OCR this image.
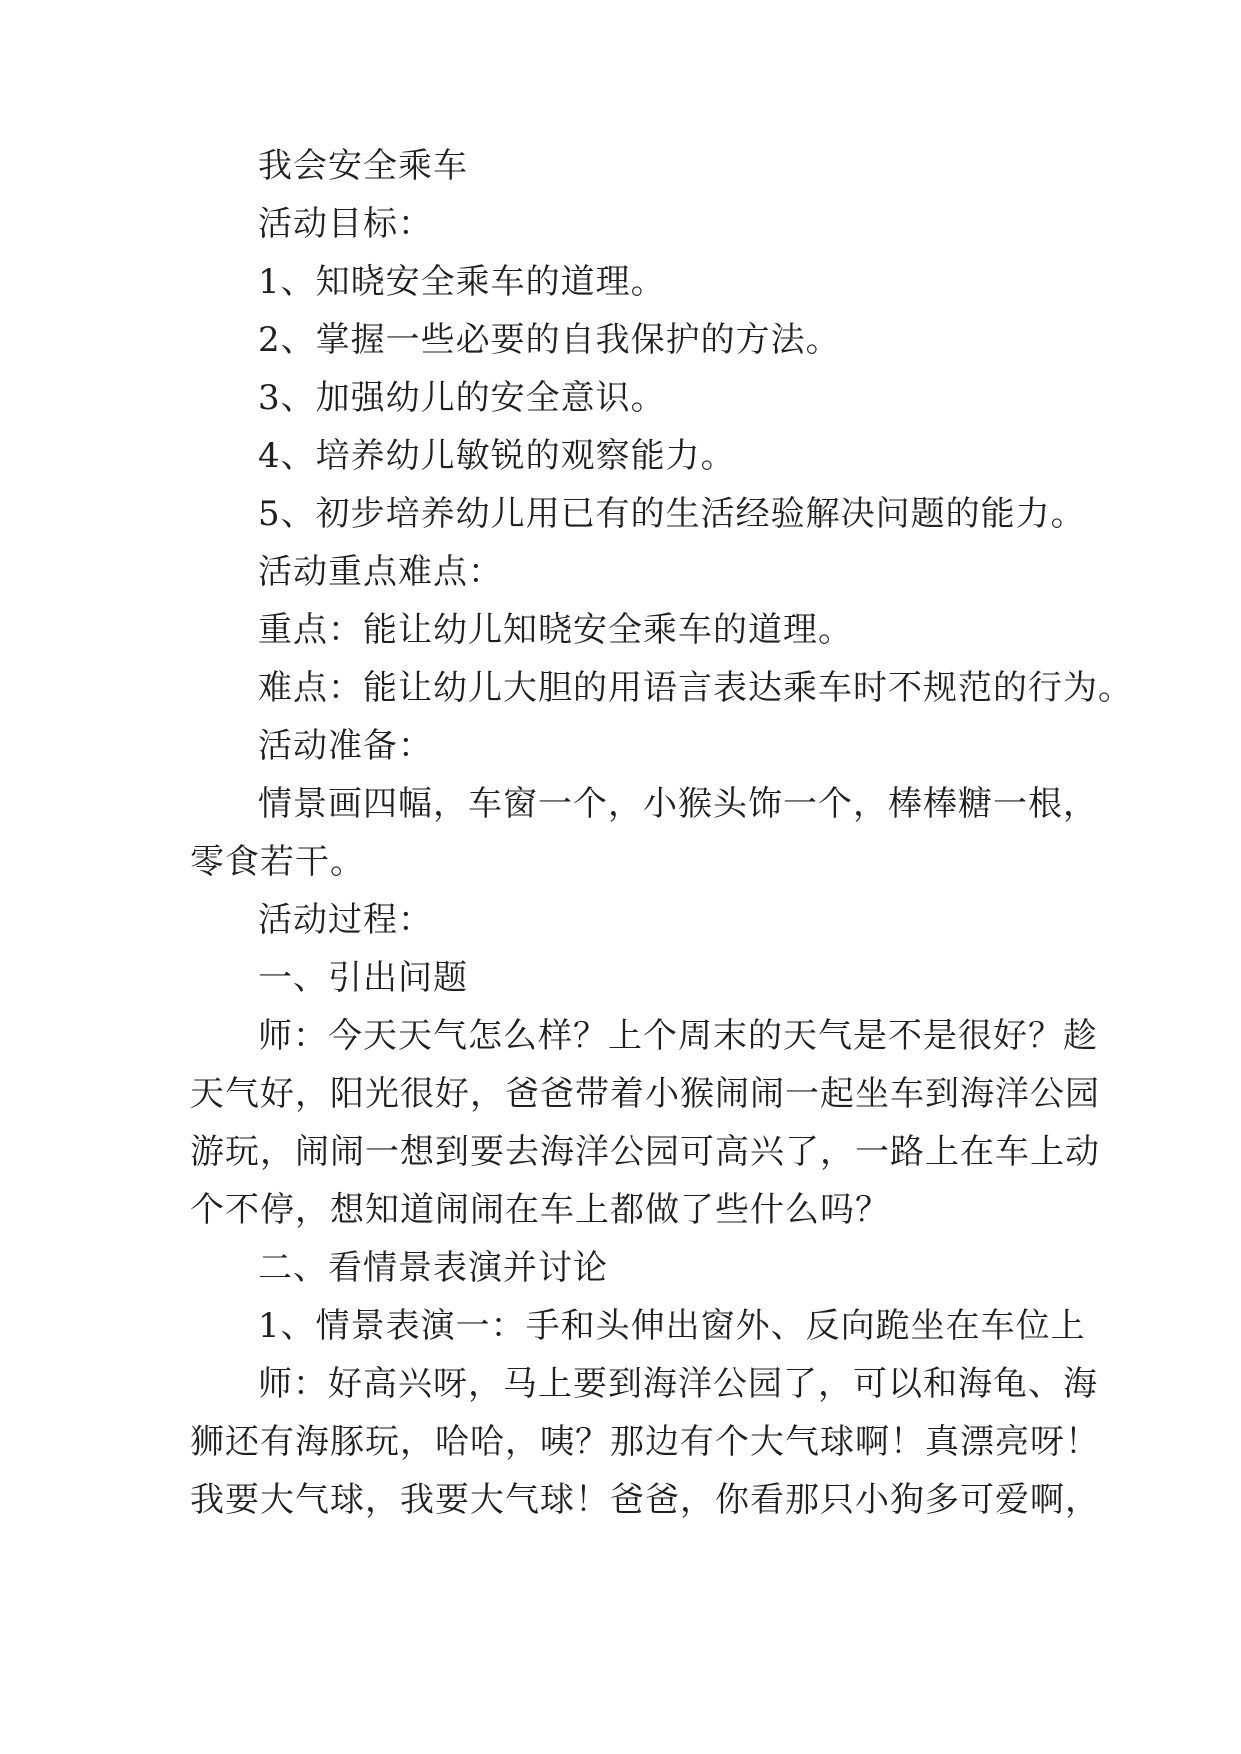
我会安全乘车

活动目标：

1、知晓安全乘车的道理。

2、掌握一些必要的自我保护的方法。

3、加强幼儿的安全意识。

4、培养幼儿敏锐的观察能力。

5、初步培养幼儿用已有的生活经验解决问题的能力。

活动重点难点：

重点：能让幼儿知晓安全乘车的道理。

难点：能让幼儿大胆的用语言表达乘车时不规范的行为。

活动准备：

情景画四幅，车窗一个，小猴头饰一个，棒棒糖一根，

零食若干。

活动过程：

一、引出问题

师：今天天气怎么样？上个周末的天气是不是很好？趁

天气好，阳光很好，爸爸带着小猴闹闹一起坐车到海洋公园

游玩，闹闹一想到要去海洋公园可高兴了，一路上在车上动

个不停，想知道闹闹在车上都做了些什么吗？

二、看情景表演并讨论

1、情景表演一：手和头伸出窗外、反向跪坐在车位上

师：好高兴呀，马上要到海洋公园了，可以和海龟、海

狮还有海豚玩，哈哈，咦？那边有个大气球啊！真漂亮呀！

我要大气球，我要大气球！爸爸，你看那只小狗多可爱啊，
